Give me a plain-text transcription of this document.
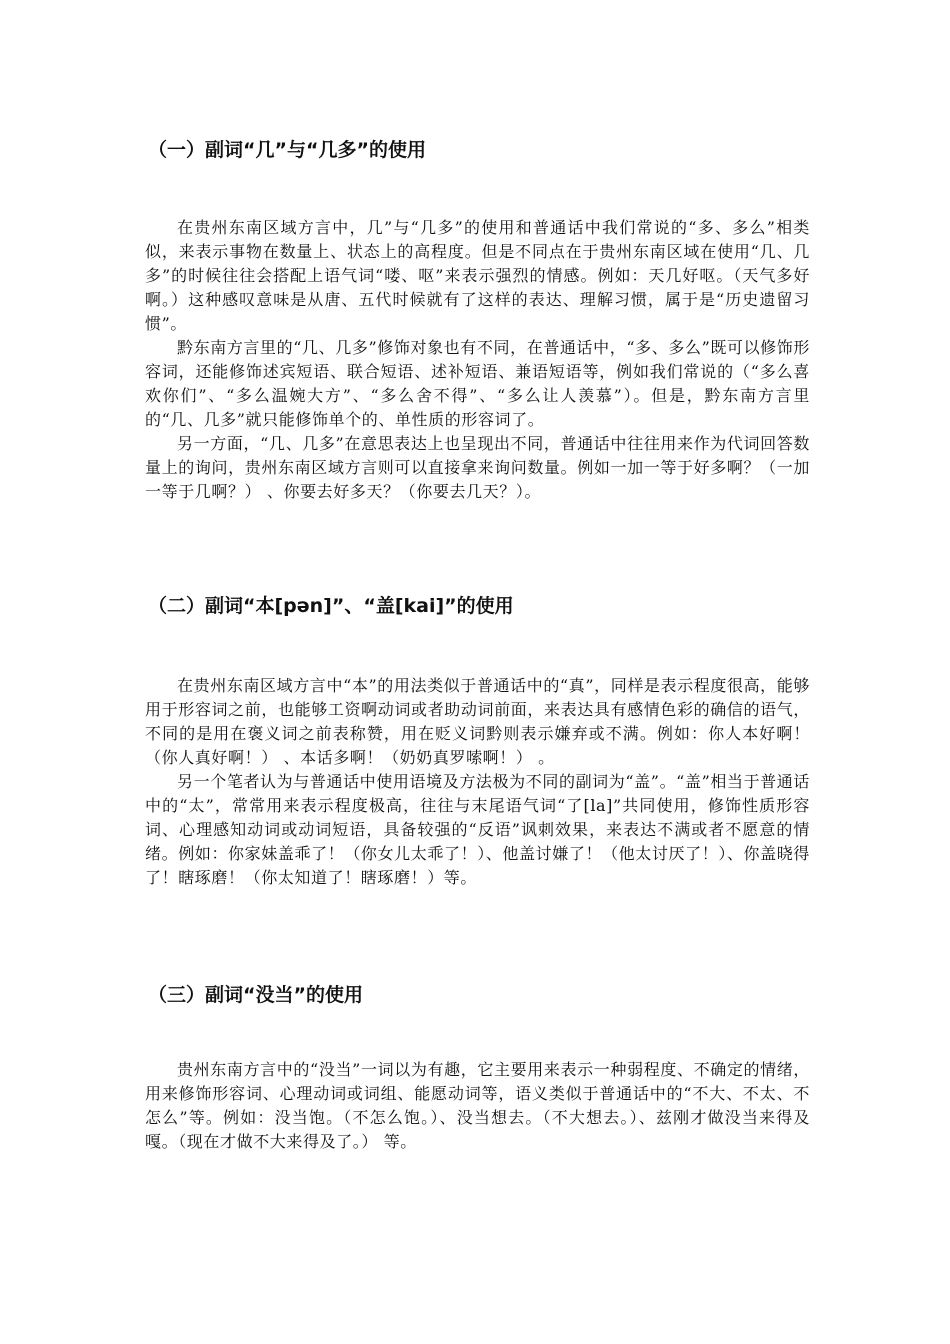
（一）副词“几”与“几多”的使用

在贵州东南区域方言中，几”与“几多”的使用和普通话中我们常说的“多、多么”相类似，来表示事物在数量上、状态上的高程度。但是不同点在于贵州东南区域在使用“几、几多”的时候往往会搭配上语气词“喽、呕”来表示强烈的情感。例如：天几好呕。（天气多好啊。）这种感叹意味是从唐、五代时候就有了这样的表达、理解习惯，属于是“历史遗留习惯”。

黔东南方言里的“几、几多”修饰对象也有不同，在普通话中，“多、多么”既可以修饰形容词，还能修饰述宾短语、联合短语、述补短语、兼语短语等，例如我们常说的（“多么喜欢你们”、“多么温婉大方”、“多么舍不得”、“多么让人羡慕”）。但是，黔东南方言里的“几、几多”就只能修饰单个的、单性质的形容词了。

另一方面，“几、几多”在意思表达上也呈现出不同，普通话中往往用来作为代词回答数量上的询问，贵州东南区域方言则可以直接拿来询问数量。例如一加一等于好多啊？（一加一等于几啊？） 、你要去好多天？（你要去几天？）。

（二）副词“本[pən]”、“盖[kai]”的使用

在贵州东南区域方言中“本”的用法类似于普通话中的“真”，同样是表示程度很高，能够用于形容词之前，也能够工资啊动词或者助动词前面，来表达具有感情色彩的确信的语气，不同的是用在褒义词之前表称赞，用在贬义词黔则表示嫌弃或不满。例如：你人本好啊！（你人真好啊！） 、本话多啊！（奶奶真罗嗦啊！） 。

另一个笔者认为与普通话中使用语境及方法极为不同的副词为“盖”。“盖”相当于普通话中的“太”，常常用来表示程度极高，往往与末尾语气词“了[la]”共同使用，修饰性质形容词、心理感知动词或动词短语，具备较强的“反语”讽刺效果，来表达不满或者不愿意的情绪。例如：你家妹盖乖了！（你女儿太乖了！）、他盖讨嫌了！（他太讨厌了！）、你盖晓得了！瞎琢磨！（你太知道了！瞎琢磨！）等。

（三）副词“没当”的使用

贵州东南方言中的“没当”一词以为有趣，它主要用来表示一种弱程度、不确定的情绪，用来修饰形容词、心理动词或词组、能愿动词等，语义类似于普通话中的“不大、不太、不怎么”等。例如：没当饱。（不怎么饱。）、没当想去。（不大想去。）、兹刚才做没当来得及嘎。（现在才做不大来得及了。） 等。
